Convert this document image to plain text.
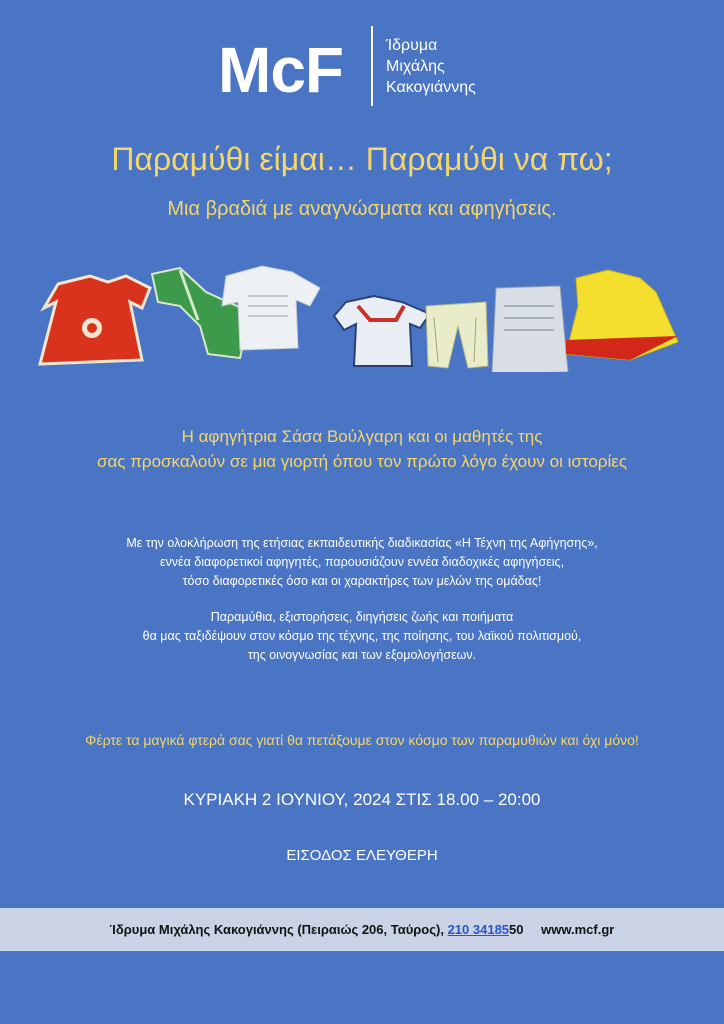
McF	Ίδρυμα
Μιχάλης
Κακογιάννης
Παραμύθι είμαι… Παραμύθι να πω;
Μια βραδιά με αναγνώσματα και αφηγήσεις.
Η αφηγήτρια Σάσα Βούλγαρη και οι μαθητές της
σας προσκαλούν σε μια γιορτή όπου τον πρώτο λόγο έχουν οι ιστορίες

Με την ολοκλήρωση της ετήσιας εκπαιδευτικής διαδικασίας «Η Τέχνη της Αφήγησης»,
εννέα διαφορετικοί αφηγητές, παρουσιάζουν εννέα διαδοχικές αφηγήσεις,
τόσο διαφορετικές όσο και οι χαρακτήρες των μελών της ομάδας!

Παραμύθια, εξιστορήσεις, διηγήσεις ζωής και ποιήματα
θα μας ταξιδέψουν στον κόσμο της τέχνης, της ποίησης, του λαϊκού πολιτισμού,
της οινογνωσίας και των εξομολογήσεων.

Φέρτε τα μαγικά φτερά σας γιατί θα πετάξουμε στον κόσμο των παραμυθιών και όχι μόνο!
ΚΥΡΙΑΚΗ 2 ΙΟΥΝΙΟΥ, 2024 ΣΤΙΣ 18.00 – 20:00
ΕΙΣΟΔΟΣ ΕΛΕΥΘΕΡΗ
Ίδρυμα Μιχάλης Κακογιάννης (Πειραιώς 206, Ταύρος), 210 3418550 www.mcf.gr
